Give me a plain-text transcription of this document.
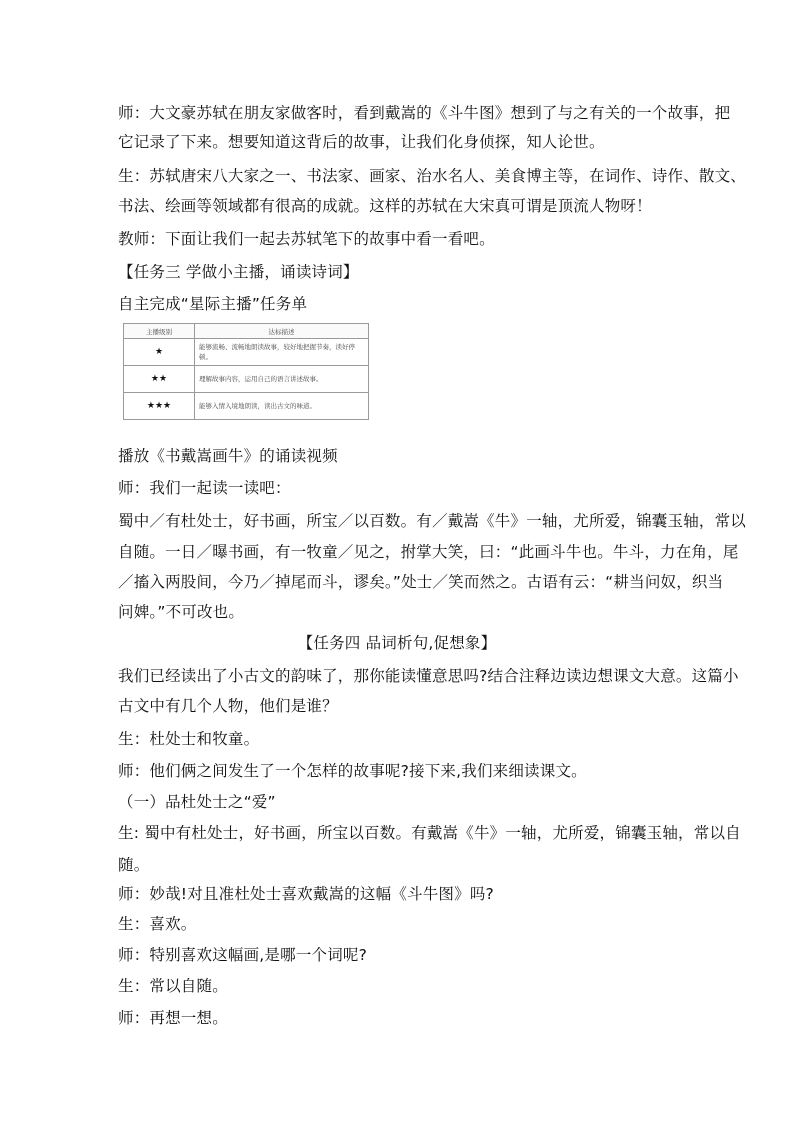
师：大文豪苏轼在朋友家做客时，看到戴嵩的《斗牛图》想到了与之有关的一个故事，把
它记录了下来。想要知道这背后的故事，让我们化身侦探，知人论世。
生：苏轼唐宋八大家之一、书法家、画家、治水名人、美食博主等，在词作、诗作、散文、
书法、绘画等领域都有很高的成就。这样的苏轼在大宋真可谓是顶流人物呀！
教师：下面让我们一起去苏轼笔下的故事中看一看吧。
【任务三 学做小主播，诵读诗词】
自主完成“星际主播”任务单
主播级别	达标描述
★	能够流畅、流畅地朗读故事，较好地把握节奏，读好停顿。
★★	理解故事内容，运用自己的语言讲述故事。
★★★	能够入情入境地朗读，读出古文的味道。
播放《书戴嵩画牛》的诵读视频
师：我们一起读一读吧：
蜀中／有杜处士，好书画，所宝／以百数。有／戴嵩《牛》一轴，尤所爱，锦囊玉轴，常以
自随。一日／曝书画，有一牧童／见之，拊掌大笑，曰：“此画斗牛也。牛斗，力在角，尾
／搐入两股间，今乃／掉尾而斗，谬矣。”处士／笑而然之。古语有云：“耕当问奴，织当
问婢。”不可改也。
【任务四 品词析句,促想象】
我们已经读出了小古文的韵味了，那你能读懂意思吗?结合注释边读边想课文大意。这篇小
古文中有几个人物，他们是谁？
生：杜处士和牧童。
师：他们俩之间发生了一个怎样的故事呢?接下来,我们来细读课文。
（一）品杜处士之“爱”
生: 蜀中有杜处士，好书画，所宝以百数。有戴嵩《牛》一轴，尤所爱，锦囊玉轴，常以自
随。
师：妙哉!对且准杜处士喜欢戴嵩的这幅《斗牛图》吗?
生：喜欢。
师：特别喜欢这幅画,是哪一个词呢?
生：常以自随。
师：再想一想。
